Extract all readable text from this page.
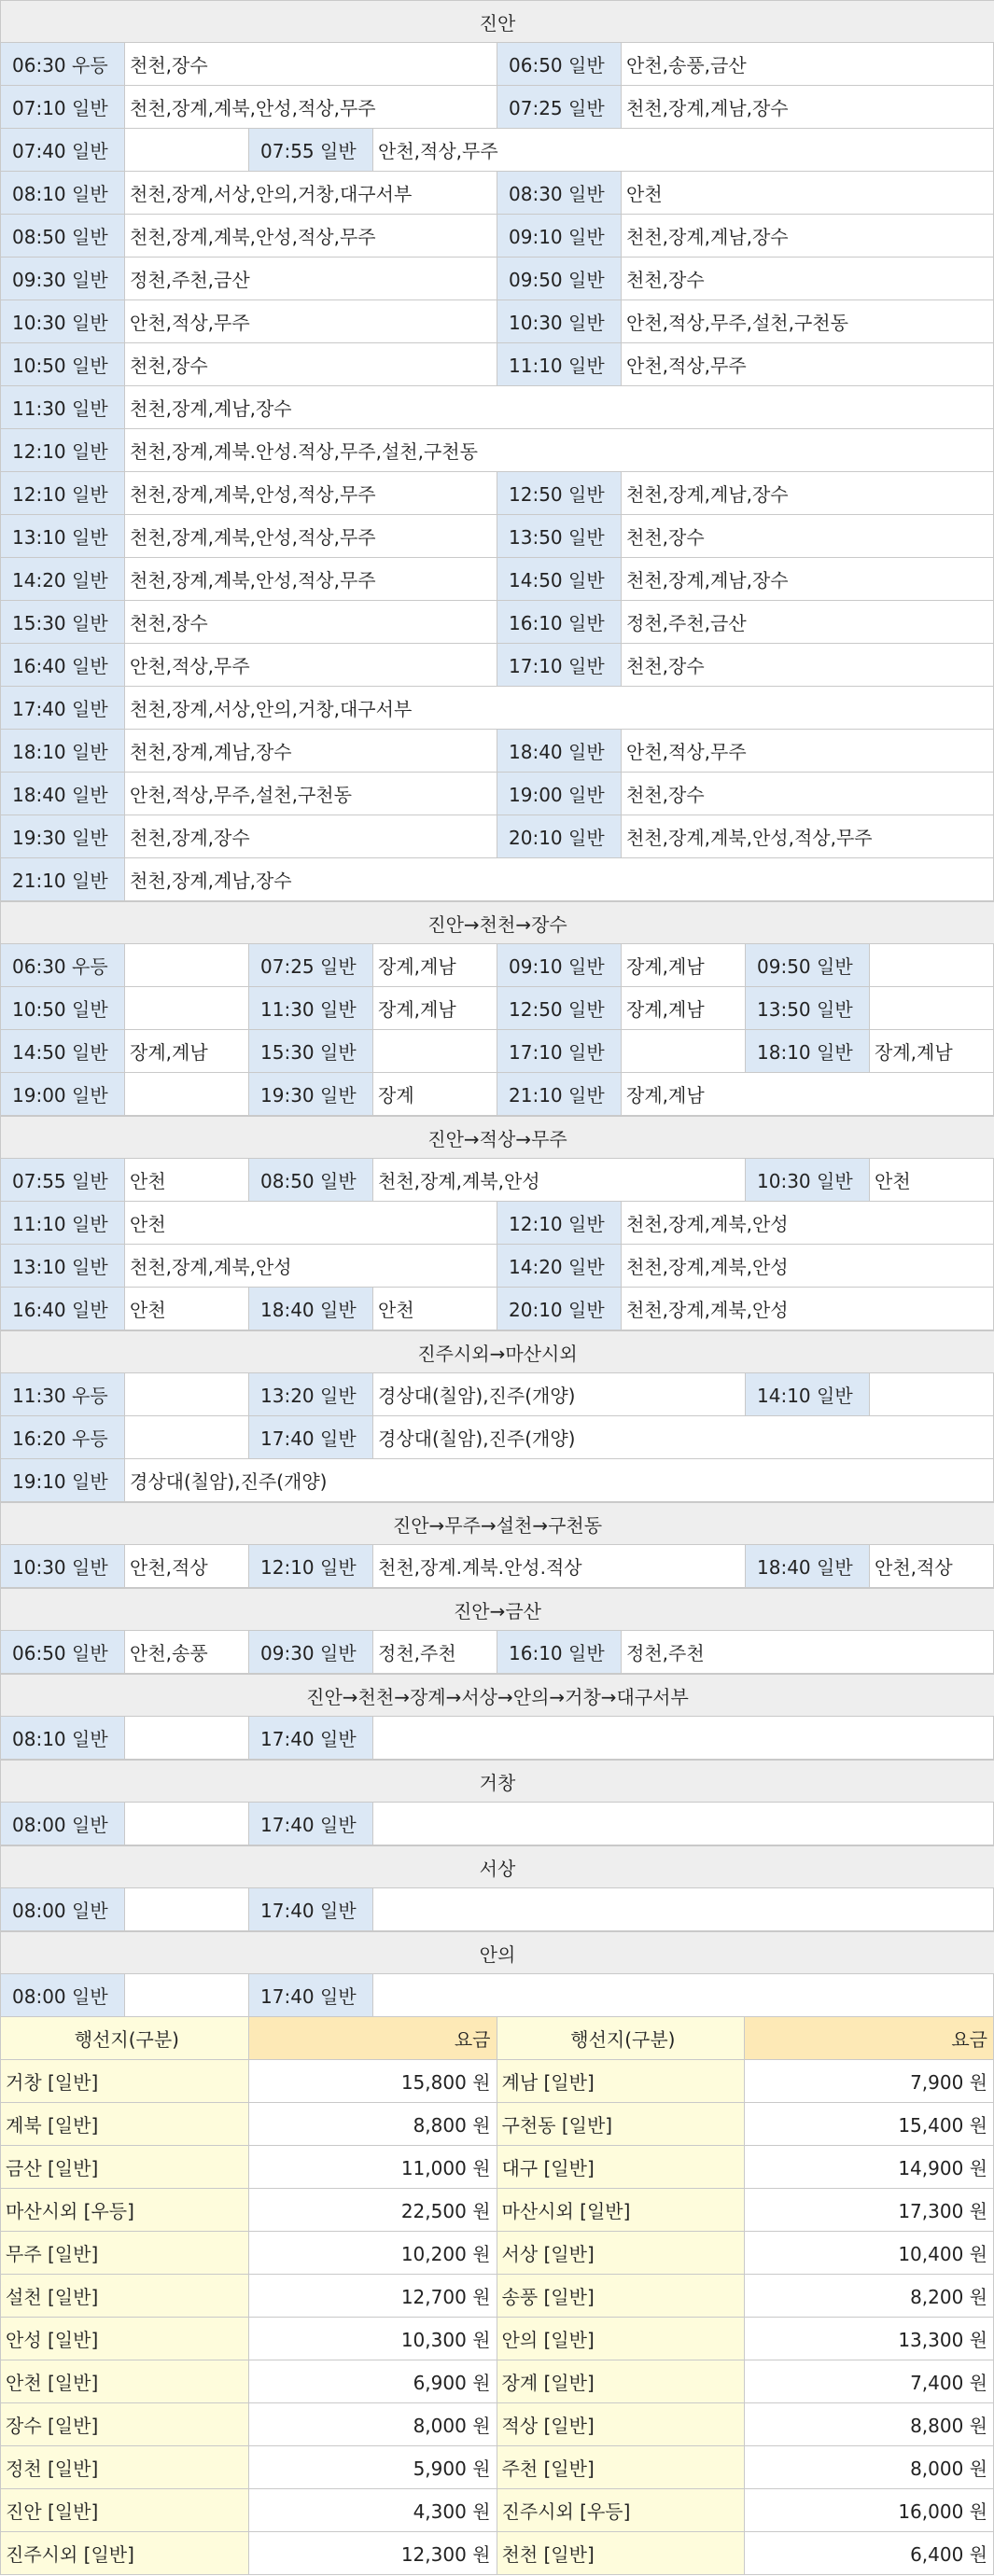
진안
06:30 우등	천천,장수	06:50 일반	안천,송풍,금산
07:10 일반	천천,장계,계북,안성,적상,무주	07:25 일반	천천,장계,계남,장수
07:40 일반	07:55 일반	안천,적상,무주
08:10 일반	천천,장계,서상,안의,거창,대구서부	08:30 일반	안천
08:50 일반	천천,장계,계북,안성,적상,무주	09:10 일반	천천,장계,계남,장수
09:30 일반	정천,주천,금산	09:50 일반	천천,장수
10:30 일반	안천,적상,무주	10:30 일반	안천,적상,무주,설천,구천동
10:50 일반	천천,장수	11:10 일반	안천,적상,무주
11:30 일반	천천,장계,계남,장수
12:10 일반	천천,장계,계북.안성.적상,무주,설천,구천동
12:10 일반	천천,장계,계북,안성,적상,무주	12:50 일반	천천,장계,계남,장수
13:10 일반	천천,장계,계북,안성,적상,무주	13:50 일반	천천,장수
14:20 일반	천천,장계,계북,안성,적상,무주	14:50 일반	천천,장계,계남,장수
15:30 일반	천천,장수	16:10 일반	정천,주천,금산
16:40 일반	안천,적상,무주	17:10 일반	천천,장수
17:40 일반	천천,장계,서상,안의,거창,대구서부
18:10 일반	천천,장계,계남,장수	18:40 일반	안천,적상,무주
18:40 일반	안천,적상,무주,설천,구천동	19:00 일반	천천,장수
19:30 일반	천천,장계,장수	20:10 일반	천천,장계,계북,안성,적상,무주
21:10 일반	천천,장계,계남,장수
진안→천천→장수
06:30 우등	07:25 일반	장계,계남	09:10 일반	장계,계남	09:50 일반
10:50 일반	11:30 일반	장계,계남	12:50 일반	장계,계남	13:50 일반
14:50 일반	장계,계남	15:30 일반	17:10 일반	18:10 일반	장계,계남
19:00 일반	19:30 일반	장계	21:10 일반	장계,계남
진안→적상→무주
07:55 일반	안천	08:50 일반	천천,장계,계북,안성	10:30 일반	안천
11:10 일반	안천	12:10 일반	천천,장계,계북,안성
13:10 일반	천천,장계,계북,안성	14:20 일반	천천,장계,계북,안성
16:40 일반	안천	18:40 일반	안천	20:10 일반	천천,장계,계북,안성
진주시외→마산시외
11:30 우등	13:20 일반	경상대(칠암),진주(개양)	14:10 일반
16:20 우등	17:40 일반	경상대(칠암),진주(개양)
19:10 일반	경상대(칠암),진주(개양)
진안→무주→설천→구천동
10:30 일반	안천,적상	12:10 일반	천천,장계.계북.안성.적상	18:40 일반	안천,적상
진안→금산
06:50 일반	안천,송풍	09:30 일반	정천,주천	16:10 일반	정천,주천
진안→천천→장계→서상→안의→거창→대구서부
08:10 일반	17:40 일반
거창
08:00 일반	17:40 일반
서상
08:00 일반	17:40 일반
안의
08:00 일반	17:40 일반
행선지(구분)	요금	행선지(구분)	요금
거창 [일반]	15,800 원 계남 [일반]	7,900 원
계북 [일반]	8,800 원 구천동 [일반]	15,400 원
금산 [일반]	11,000 원 대구 [일반]	14,900 원
마산시외 [우등]	22,500 원 마산시외 [일반]	17,300 원
무주 [일반]	10,200 원 서상 [일반]	10,400 원
설천 [일반]	12,700 원 송풍 [일반]	8,200 원
안성 [일반]	10,300 원 안의 [일반]	13,300 원
안천 [일반]	6,900 원 장계 [일반]	7,400 원
장수 [일반]	8,000 원 적상 [일반]	8,800 원
정천 [일반]	5,900 원 주천 [일반]	8,000 원
진안 [일반]	4,300 원 진주시외 [우등]	16,000 원
진주시외 [일반]	12,300 원 천천 [일반]	6,400 원
